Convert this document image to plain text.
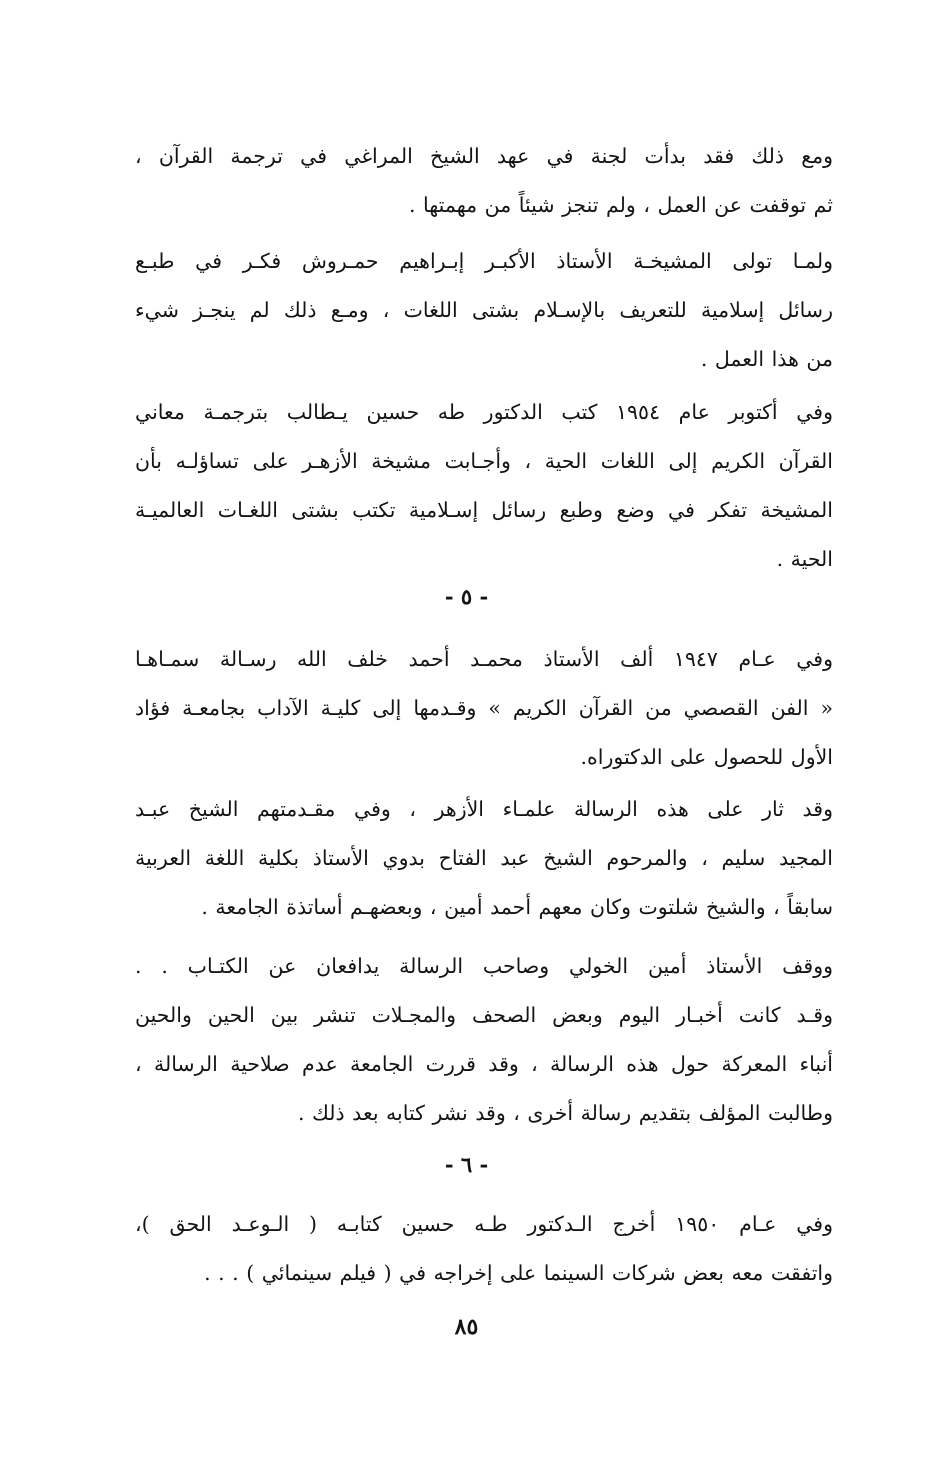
ومع ذلك فقد بدأت لجنة في عهد الشيخ المراغي في ترجمة القرآن ،
ثم توقفت عن العمل ، ولم تنجز شيئاً من مهمتها .

ولمـا تولى المشيخـة الأستاذ الأكبـر إبـراهيم حمـروش فكـر في طبـع
رسائل إسلامية للتعريف بالإسـلام بشتى اللغات ، ومـع ذلك لم ينجـز شيء
من هذا العمل .

وفي أكتوبر عام ١٩٥٤ كتب الدكتور طه حسين يـطالب بترجمـة معاني
القرآن الكريم إلى اللغات الحية ، وأجـابت مشيخة الأزهـر على تساؤلـه بأن
المشيخة تفكر في وضع وطبع رسائل إسـلامية تكتب بشتى اللغـات العالميـة
الحية .

- ٥ -

وفي عـام ١٩٤٧ ألف الأستاذ محمـد أحمد خلف الله رسـالة سمـاهـا
« الفن القصصي من القرآن الكريم » وقـدمها إلى كليـة الآداب بجامعـة فؤاد
الأول للحصول على الدكتوراه.

وقد ثار على هذه الرسالة علمـاء الأزهر ، وفي مقـدمتهم الشيخ عبـد
المجيد سليم ، والمرحوم الشيخ عبد الفتاح بدوي الأستاذ بكلية اللغة العربية
سابقاً ، والشيخ شلتوت وكان معهم أحمد أمين ، وبعضهـم أساتذة الجامعة .

ووقف الأستاذ أمين الخولي وصاحب الرسالة يدافعان عن الكتـاب . .
وقـد كانت أخبـار اليوم وبعض الصحف والمجـلات تنشر بين الحين والحين
أنباء المعركة حول هذه الرسالة ، وقد قررت الجامعة عدم صلاحية الرسالة ،
وطالبت المؤلف بتقديم رسالة أخرى ، وقد نشر كتابه بعد ذلك .

- ٦ -

وفي عـام ١٩٥٠ أخرج الـدكتور طـه حسين كتابـه ( الـوعـد الحق )،
واتفقت معه بعض شركات السينما على إخراجه في ( فيلم سينمائي ) . . .

٨٥
